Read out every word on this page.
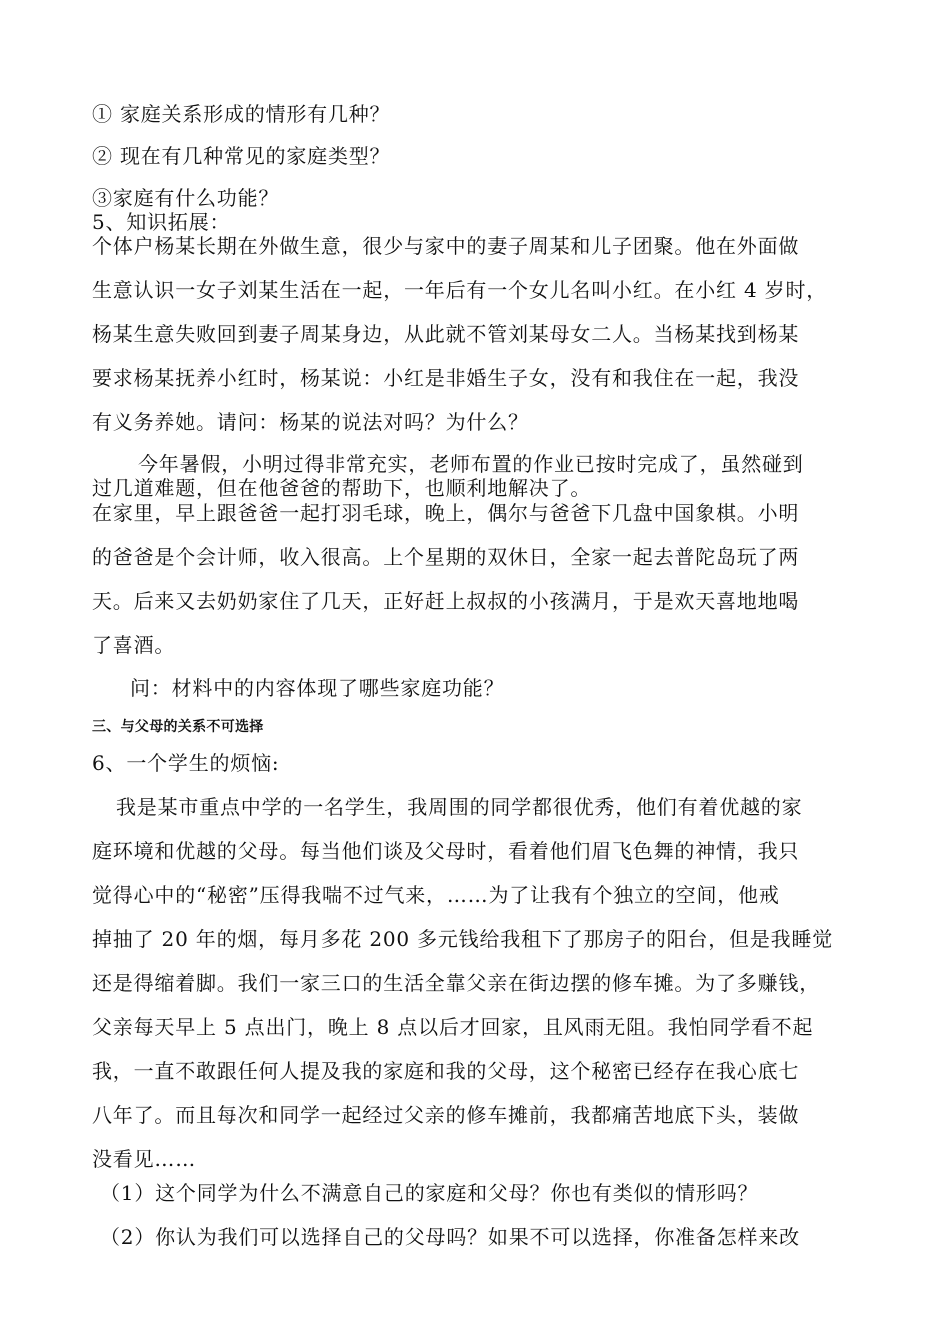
① 家庭关系形成的情形有几种？
② 现在有几种常见的家庭类型？
③家庭有什么功能？
5、知识拓展：
个体户杨某长期在外做生意，很少与家中的妻子周某和儿子团聚。他在外面做
生意认识一女子刘某生活在一起，一年后有一个女儿名叫小红。在小红 4 岁时，
杨某生意失败回到妻子周某身边，从此就不管刘某母女二人。当杨某找到杨某
要求杨某抚养小红时，杨某说：小红是非婚生子女，没有和我住在一起，我没
有义务养她。请问：杨某的说法对吗？为什么？
今年暑假，小明过得非常充实，老师布置的作业已按时完成了，虽然碰到
过几道难题，但在他爸爸的帮助下，也顺利地解决了。
在家里，早上跟爸爸一起打羽毛球，晚上，偶尔与爸爸下几盘中国象棋。小明
的爸爸是个会计师，收入很高。上个星期的双休日，全家一起去普陀岛玩了两
天。后来又去奶奶家住了几天，正好赶上叔叔的小孩满月，于是欢天喜地地喝
了喜酒。
问：材料中的内容体现了哪些家庭功能？
三、与父母的关系不可选择
6、一个学生的烦恼:
我是某市重点中学的一名学生，我周围的同学都很优秀，他们有着优越的家
庭环境和优越的父母。每当他们谈及父母时，看着他们眉飞色舞的神情，我只
觉得心中的“秘密”压得我喘不过气来，……为了让我有个独立的空间，他戒
掉抽了 20 年的烟，每月多花 200 多元钱给我租下了那房子的阳台，但是我睡觉
还是得缩着脚。我们一家三口的生活全靠父亲在街边摆的修车摊。为了多赚钱，
父亲每天早上 5 点出门，晚上 8 点以后才回家，且风雨无阻。我怕同学看不起
我，一直不敢跟任何人提及我的家庭和我的父母，这个秘密已经存在我心底七
八年了。而且每次和同学一起经过父亲的修车摊前，我都痛苦地底下头，装做
没看见……
（1）这个同学为什么不满意自己的家庭和父母？你也有类似的情形吗？
（2）你认为我们可以选择自己的父母吗？如果不可以选择，你准备怎样来改
